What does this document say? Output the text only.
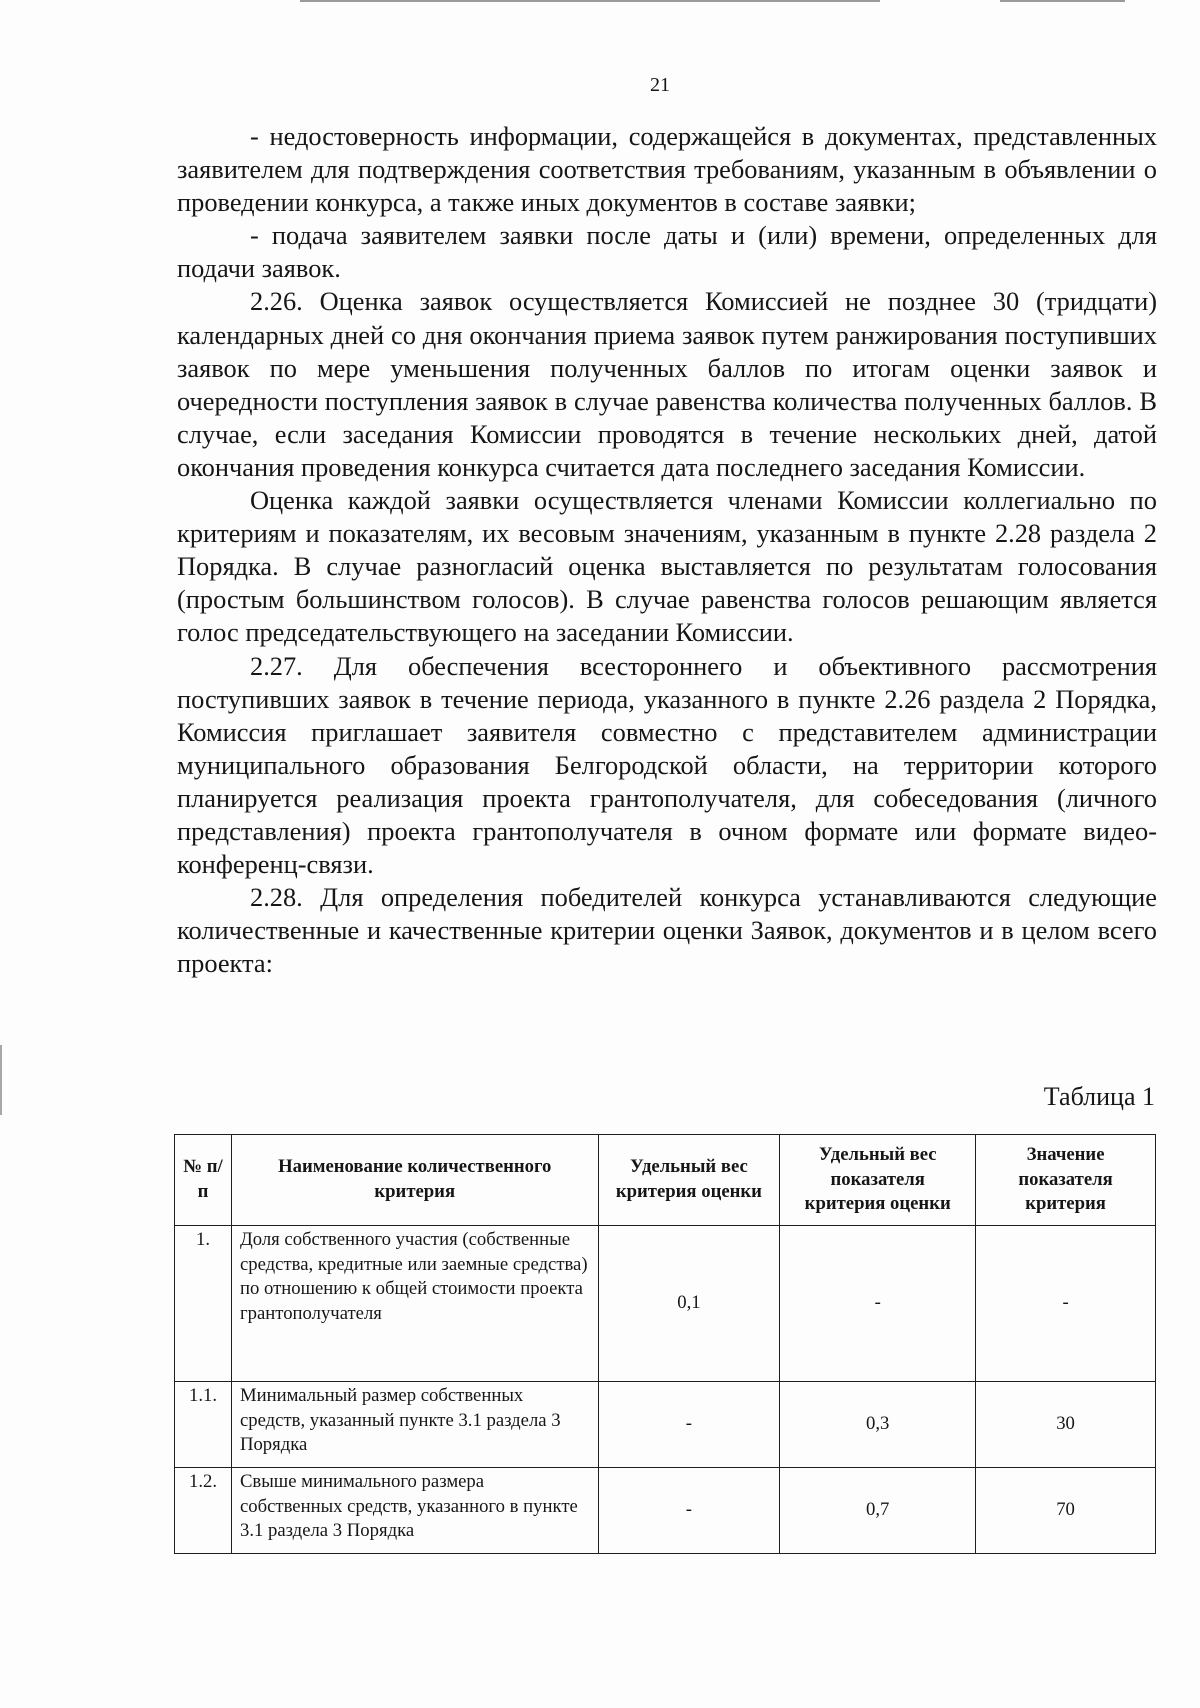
21

- недостоверность информации, содержащейся в документах, представленных заявителем для подтверждения соответствия требованиям, указанным в объявлении о проведении конкурса, а также иных документов в составе заявки;

- подача заявителем заявки после даты и (или) времени, определенных для подачи заявок.

2.26. Оценка заявок осуществляется Комиссией не позднее 30 (тридцати) календарных дней со дня окончания приема заявок путем ранжирования поступивших заявок по мере уменьшения полученных баллов по итогам оценки заявок и очередности поступления заявок в случае равенства количества полученных баллов. В случае, если заседания Комиссии проводятся в течение нескольких дней, датой окончания проведения конкурса считается дата последнего заседания Комиссии.

Оценка каждой заявки осуществляется членами Комиссии коллегиально по критериям и показателям, их весовым значениям, указанным в пункте 2.28 раздела 2 Порядка. В случае разногласий оценка выставляется по результатам голосования (простым большинством голосов). В случае равенства голосов решающим является голос председательствующего на заседании Комиссии.

2.27. Для обеспечения всестороннего и объективного рассмотрения поступивших заявок в течение периода, указанного в пункте 2.26 раздела 2 Порядка, Комиссия приглашает заявителя совместно с представителем администрации муниципального образования Белгородской области, на территории которого планируется реализация проекта грантополучателя, для собеседования (личного представления) проекта грантополучателя в очном формате или формате видео-конференц-связи.

2.28. Для определения победителей конкурса устанавливаются следующие количественные и качественные критерии оценки Заявок, документов и в целом всего проекта:

Таблица 1
№ п/п	Наименование количественного критерия	Удельный вес критерия оценки	Удельный вес показателя критерия оценки	Значение показателя критерия
1.	Доля собственного участия (собственные средства, кредитные или заемные средства) по отношению к общей стоимости проекта грантополучателя	0,1	-	-
1.1.	Минимальный размер собственных средств, указанный пункте 3.1 раздела 3 Порядка	-	0,3	30
1.2.	Свыше минимального размера собственных средств, указанного в пункте 3.1 раздела 3 Порядка	-	0,7	70
